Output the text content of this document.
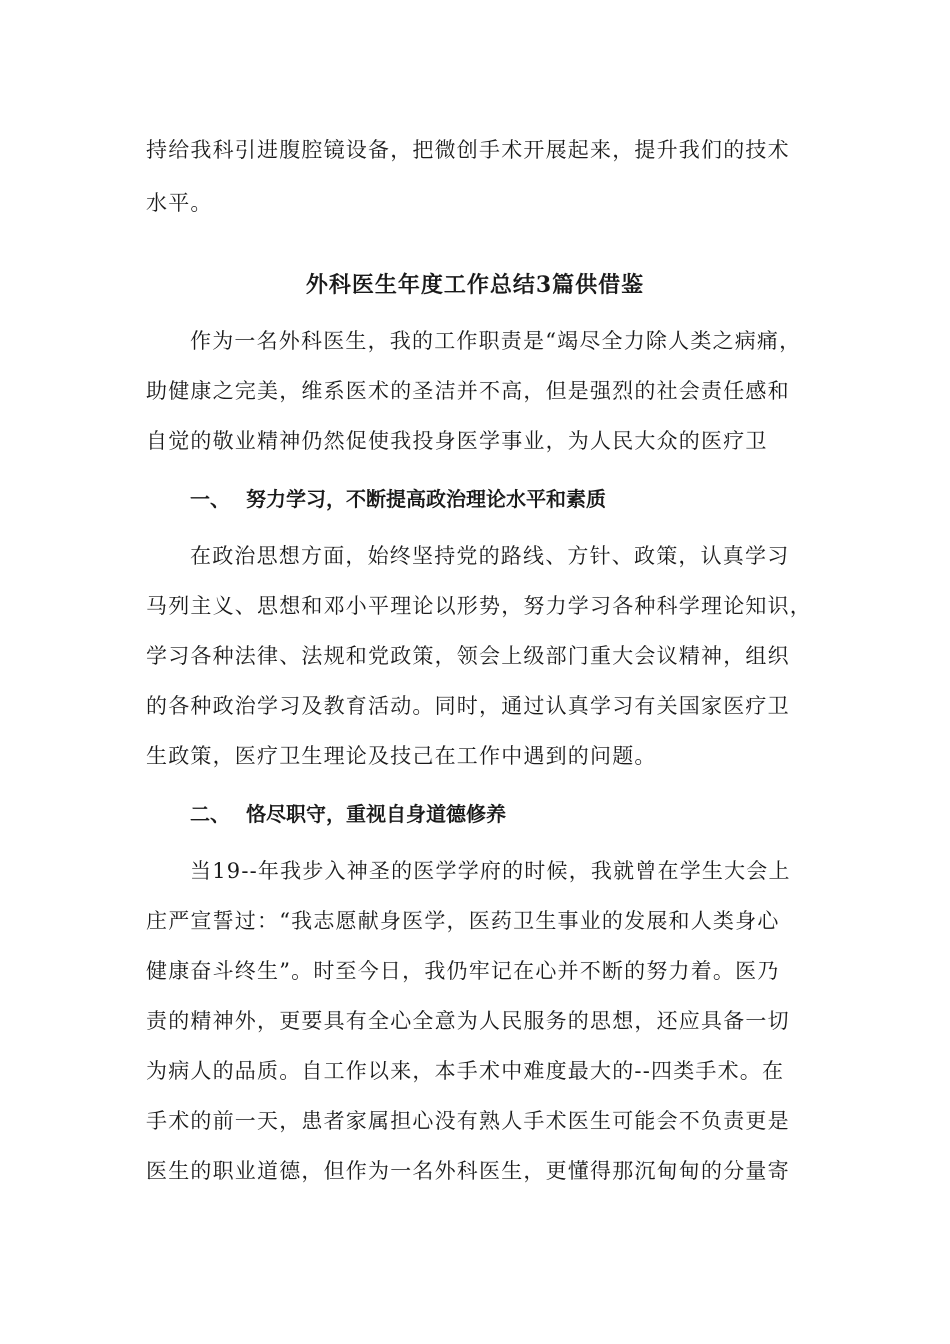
持给我科引进腹腔镜设备，把微创手术开展起来，提升我们的技术
水平。
外科医生年度工作总结3篇供借鉴
作为一名外科医生，我的工作职责是“竭尽全力除人类之病痛，
助健康之完美，维系医术的圣洁并不高，但是强烈的社会责任感和
自觉的敬业精神仍然促使我投身医学事业，为人民大众的医疗卫
一、 努力学习，不断提高政治理论水平和素质
在政治思想方面，始终坚持党的路线、方针、政策，认真学习
马列主义、思想和邓小平理论以形势，努力学习各种科学理论知识，
学习各种法律、法规和党政策，领会上级部门重大会议精神，组织
的各种政治学习及教育活动。同时，通过认真学习有关国家医疗卫
生政策，医疗卫生理论及技己在工作中遇到的问题。
二、 恪尽职守，重视自身道德修养
当19--年我步入神圣的医学学府的时候，我就曾在学生大会上
庄严宣誓过：“我志愿献身医学，医药卫生事业的发展和人类身心
健康奋斗终生”。时至今日，我仍牢记在心并不断的努力着。医乃
责的精神外，更要具有全心全意为人民服务的思想，还应具备一切
为病人的品质。自工作以来，本手术中难度最大的--四类手术。在
手术的前一天，患者家属担心没有熟人手术医生可能会不负责更是
医生的职业道德，但作为一名外科医生，更懂得那沉甸甸的分量寄
